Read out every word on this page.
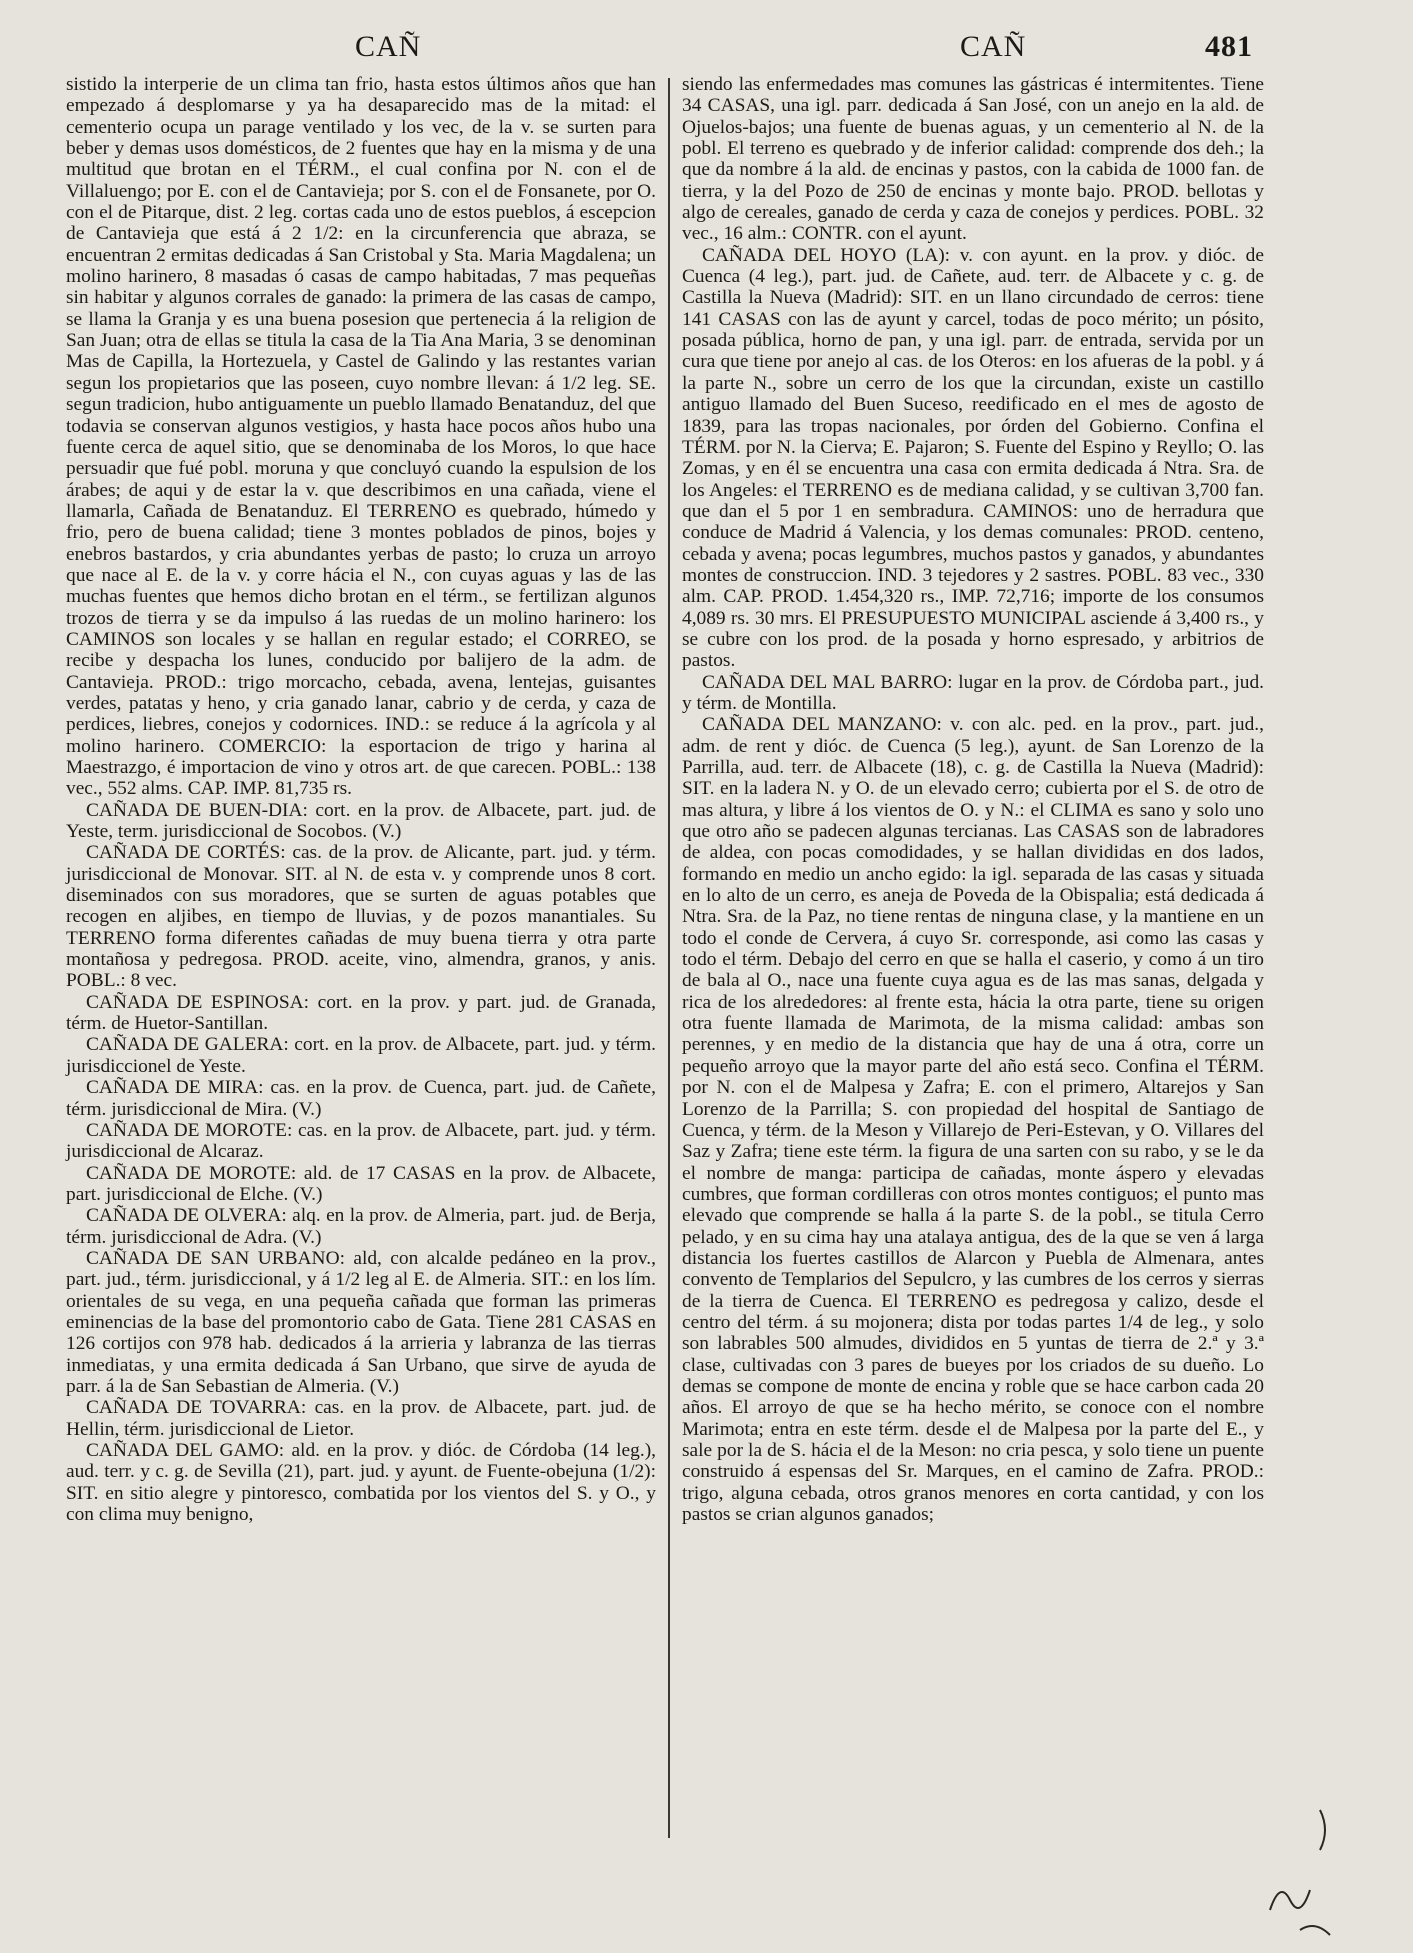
CAÑ	CAÑ	481

sistido la interperie de un clima tan frio, hasta estos últimos años que han empezado á desplomarse y ya ha desaparecido mas de la mitad: el cementerio ocupa un parage ventilado y los vec, de la v. se surten para beber y demas usos domésticos, de 2 fuentes que hay en la misma y de una multitud que brotan en el TÉRM., el cual confina por N. con el de Villaluengo; por E. con el de Cantavieja; por S. con el de Fonsanete, por O. con el de Pitarque, dist. 2 leg. cortas cada uno de estos pueblos, á escepcion de Cantavieja que está á 2 1/2: en la circunferencia que abraza, se encuentran 2 ermitas dedicadas á San Cristobal y Sta. Maria Magdalena; un molino harinero, 8 masadas ó casas de campo habitadas, 7 mas pequeñas sin habitar y algunos corrales de ganado: la primera de las casas de campo, se llama la Granja y es una buena posesion que pertenecia á la religion de San Juan; otra de ellas se titula la casa de la Tia Ana Maria, 3 se denominan Mas de Capilla, la Hortezuela, y Castel de Galindo y las restantes varian segun los propietarios que las poseen, cuyo nombre llevan: á 1/2 leg. SE. segun tradicion, hubo antiguamente un pueblo llamado Benatanduz, del que todavia se conservan algunos vestigios, y hasta hace pocos años hubo una fuente cerca de aquel sitio, que se denominaba de los Moros, lo que hace persuadir que fué pobl. moruna y que concluyó cuando la espulsion de los árabes; de aqui y de estar la v. que describimos en una cañada, viene el llamarla, Cañada de Benatanduz. El TERRENO es quebrado, húmedo y frio, pero de buena calidad; tiene 3 montes poblados de pinos, bojes y enebros bastardos, y cria abundantes yerbas de pasto; lo cruza un arroyo que nace al E. de la v. y corre hácia el N., con cuyas aguas y las de las muchas fuentes que hemos dicho brotan en el térm., se fertilizan algunos trozos de tierra y se da impulso á las ruedas de un molino harinero: los CAMINOS son locales y se hallan en regular estado; el CORREO, se recibe y despacha los lunes, conducido por balijero de la adm. de Cantavieja. PROD.: trigo morcacho, cebada, avena, lentejas, guisantes verdes, patatas y heno, y cria ganado lanar, cabrio y de cerda, y caza de perdices, liebres, conejos y codornices. IND.: se reduce á la agrícola y al molino harinero. COMERCIO: la esportacion de trigo y harina al Maestrazgo, é importacion de vino y otros art. de que carecen. POBL.: 138 vec., 552 alms. CAP. IMP. 81,735 rs.

CAÑADA DE BUEN-DIA: cort. en la prov. de Albacete, part. jud. de Yeste, term. jurisdiccional de Socobos. (V.)

CAÑADA DE CORTÉS: cas. de la prov. de Alicante, part. jud. y térm. jurisdiccional de Monovar. SIT. al N. de esta v. y comprende unos 8 cort. diseminados con sus moradores, que se surten de aguas potables que recogen en aljibes, en tiempo de lluvias, y de pozos manantiales. Su TERRENO forma diferentes cañadas de muy buena tierra y otra parte montañosa y pedregosa. PROD. aceite, vino, almendra, granos, y anis. POBL.: 8 vec.

CAÑADA DE ESPINOSA: cort. en la prov. y part. jud. de Granada, térm. de Huetor-Santillan.

CAÑADA DE GALERA: cort. en la prov. de Albacete, part. jud. y térm. jurisdiccionel de Yeste.

CAÑADA DE MIRA: cas. en la prov. de Cuenca, part. jud. de Cañete, térm. jurisdiccional de Mira. (V.)

CAÑADA DE MOROTE: cas. en la prov. de Albacete, part. jud. y térm. jurisdiccional de Alcaraz.

CAÑADA DE MOROTE: ald. de 17 CASAS en la prov. de Albacete, part. jurisdiccional de Elche. (V.)

CAÑADA DE OLVERA: alq. en la prov. de Almeria, part. jud. de Berja, térm. jurisdiccional de Adra. (V.)

CAÑADA DE SAN URBANO: ald, con alcalde pedáneo en la prov., part. jud., térm. jurisdiccional, y á 1/2 leg al E. de Almeria. SIT.: en los lím. orientales de su vega, en una pequeña cañada que forman las primeras eminencias de la base del promontorio cabo de Gata. Tiene 281 CASAS en 126 cortijos con 978 hab. dedicados á la arrieria y labranza de las tierras inmediatas, y una ermita dedicada á San Urbano, que sirve de ayuda de parr. á la de San Sebastian de Almeria. (V.)

CAÑADA DE TOVARRA: cas. en la prov. de Albacete, part. jud. de Hellin, térm. jurisdiccional de Lietor.

CAÑADA DEL GAMO: ald. en la prov. y dióc. de Córdoba (14 leg.), aud. terr. y c. g. de Sevilla (21), part. jud. y ayunt. de Fuente-obejuna (1/2): SIT. en sitio alegre y pintoresco, combatida por los vientos del S. y O., y con clima muy benigno,

siendo las enfermedades mas comunes las gástricas é intermitentes. Tiene 34 CASAS, una igl. parr. dedicada á San José, con un anejo en la ald. de Ojuelos-bajos; una fuente de buenas aguas, y un cementerio al N. de la pobl. El terreno es quebrado y de inferior calidad: comprende dos deh.; la que da nombre á la ald. de encinas y pastos, con la cabida de 1000 fan. de tierra, y la del Pozo de 250 de encinas y monte bajo. PROD. bellotas y algo de cereales, ganado de cerda y caza de conejos y perdices. POBL. 32 vec., 16 alm.: CONTR. con el ayunt.

CAÑADA DEL HOYO (LA): v. con ayunt. en la prov. y dióc. de Cuenca (4 leg.), part. jud. de Cañete, aud. terr. de Albacete y c. g. de Castilla la Nueva (Madrid): SIT. en un llano circundado de cerros: tiene 141 CASAS con las de ayunt y carcel, todas de poco mérito; un pósito, posada pública, horno de pan, y una igl. parr. de entrada, servida por un cura que tiene por anejo al cas. de los Oteros: en los afueras de la pobl. y á la parte N., sobre un cerro de los que la circundan, existe un castillo antiguo llamado del Buen Suceso, reedificado en el mes de agosto de 1839, para las tropas nacionales, por órden del Gobierno. Confina el TÉRM. por N. la Cierva; E. Pajaron; S. Fuente del Espino y Reyllo; O. las Zomas, y en él se encuentra una casa con ermita dedicada á Ntra. Sra. de los Angeles: el TERRENO es de mediana calidad, y se cultivan 3,700 fan. que dan el 5 por 1 en sembradura. CAMINOS: uno de herradura que conduce de Madrid á Valencia, y los demas comunales: PROD. centeno, cebada y avena; pocas legumbres, muchos pastos y ganados, y abundantes montes de construccion. IND. 3 tejedores y 2 sastres. POBL. 83 vec., 330 alm. CAP. PROD. 1.454,320 rs., IMP. 72,716; importe de los consumos 4,089 rs. 30 mrs. El PRESUPUESTO MUNICIPAL asciende á 3,400 rs., y se cubre con los prod. de la posada y horno espresado, y arbitrios de pastos.

CAÑADA DEL MAL BARRO: lugar en la prov. de Córdoba part., jud. y térm. de Montilla.

CAÑADA DEL MANZANO: v. con alc. ped. en la prov., part. jud., adm. de rent y dióc. de Cuenca (5 leg.), ayunt. de San Lorenzo de la Parrilla, aud. terr. de Albacete (18), c. g. de Castilla la Nueva (Madrid): SIT. en la ladera N. y O. de un elevado cerro; cubierta por el S. de otro de mas altura, y libre á los vientos de O. y N.: el CLIMA es sano y solo uno que otro año se padecen algunas tercianas. Las CASAS son de labradores de aldea, con pocas comodidades, y se hallan divididas en dos lados, formando en medio un ancho egido: la igl. separada de las casas y situada en lo alto de un cerro, es aneja de Poveda de la Obispalia; está dedicada á Ntra. Sra. de la Paz, no tiene rentas de ninguna clase, y la mantiene en un todo el conde de Cervera, á cuyo Sr. corresponde, asi como las casas y todo el térm. Debajo del cerro en que se halla el caserio, y como á un tiro de bala al O., nace una fuente cuya agua es de las mas sanas, delgada y rica de los alrededores: al frente esta, hácia la otra parte, tiene su origen otra fuente llamada de Marimota, de la misma calidad: ambas son perennes, y en medio de la distancia que hay de una á otra, corre un pequeño arroyo que la mayor parte del año está seco. Confina el TÉRM. por N. con el de Malpesa y Zafra; E. con el primero, Altarejos y San Lorenzo de la Parrilla; S. con propiedad del hospital de Santiago de Cuenca, y térm. de la Meson y Villarejo de Peri-Estevan, y O. Villares del Saz y Zafra; tiene este térm. la figura de una sarten con su rabo, y se le da el nombre de manga: participa de cañadas, monte áspero y elevadas cumbres, que forman cordilleras con otros montes contiguos; el punto mas elevado que comprende se halla á la parte S. de la pobl., se titula Cerro pelado, y en su cima hay una atalaya antigua, des de la que se ven á larga distancia los fuertes castillos de Alarcon y Puebla de Almenara, antes convento de Templarios del Sepulcro, y las cumbres de los cerros y sierras de la tierra de Cuenca. El TERRENO es pedregosa y calizo, desde el centro del térm. á su mojonera; dista por todas partes 1/4 de leg., y solo son labrables 500 almudes, divididos en 5 yuntas de tierra de 2.ª y 3.ª clase, cultivadas con 3 pares de bueyes por los criados de su dueño. Lo demas se compone de monte de encina y roble que se hace carbon cada 20 años. El arroyo de que se ha hecho mérito, se conoce con el nombre Marimota; entra en este térm. desde el de Malpesa por la parte del E., y sale por la de S. hácia el de la Meson: no cria pesca, y solo tiene un puente construido á espensas del Sr. Marques, en el camino de Zafra. PROD.: trigo, alguna cebada, otros granos menores en corta cantidad, y con los pastos se crian algunos ganados;
